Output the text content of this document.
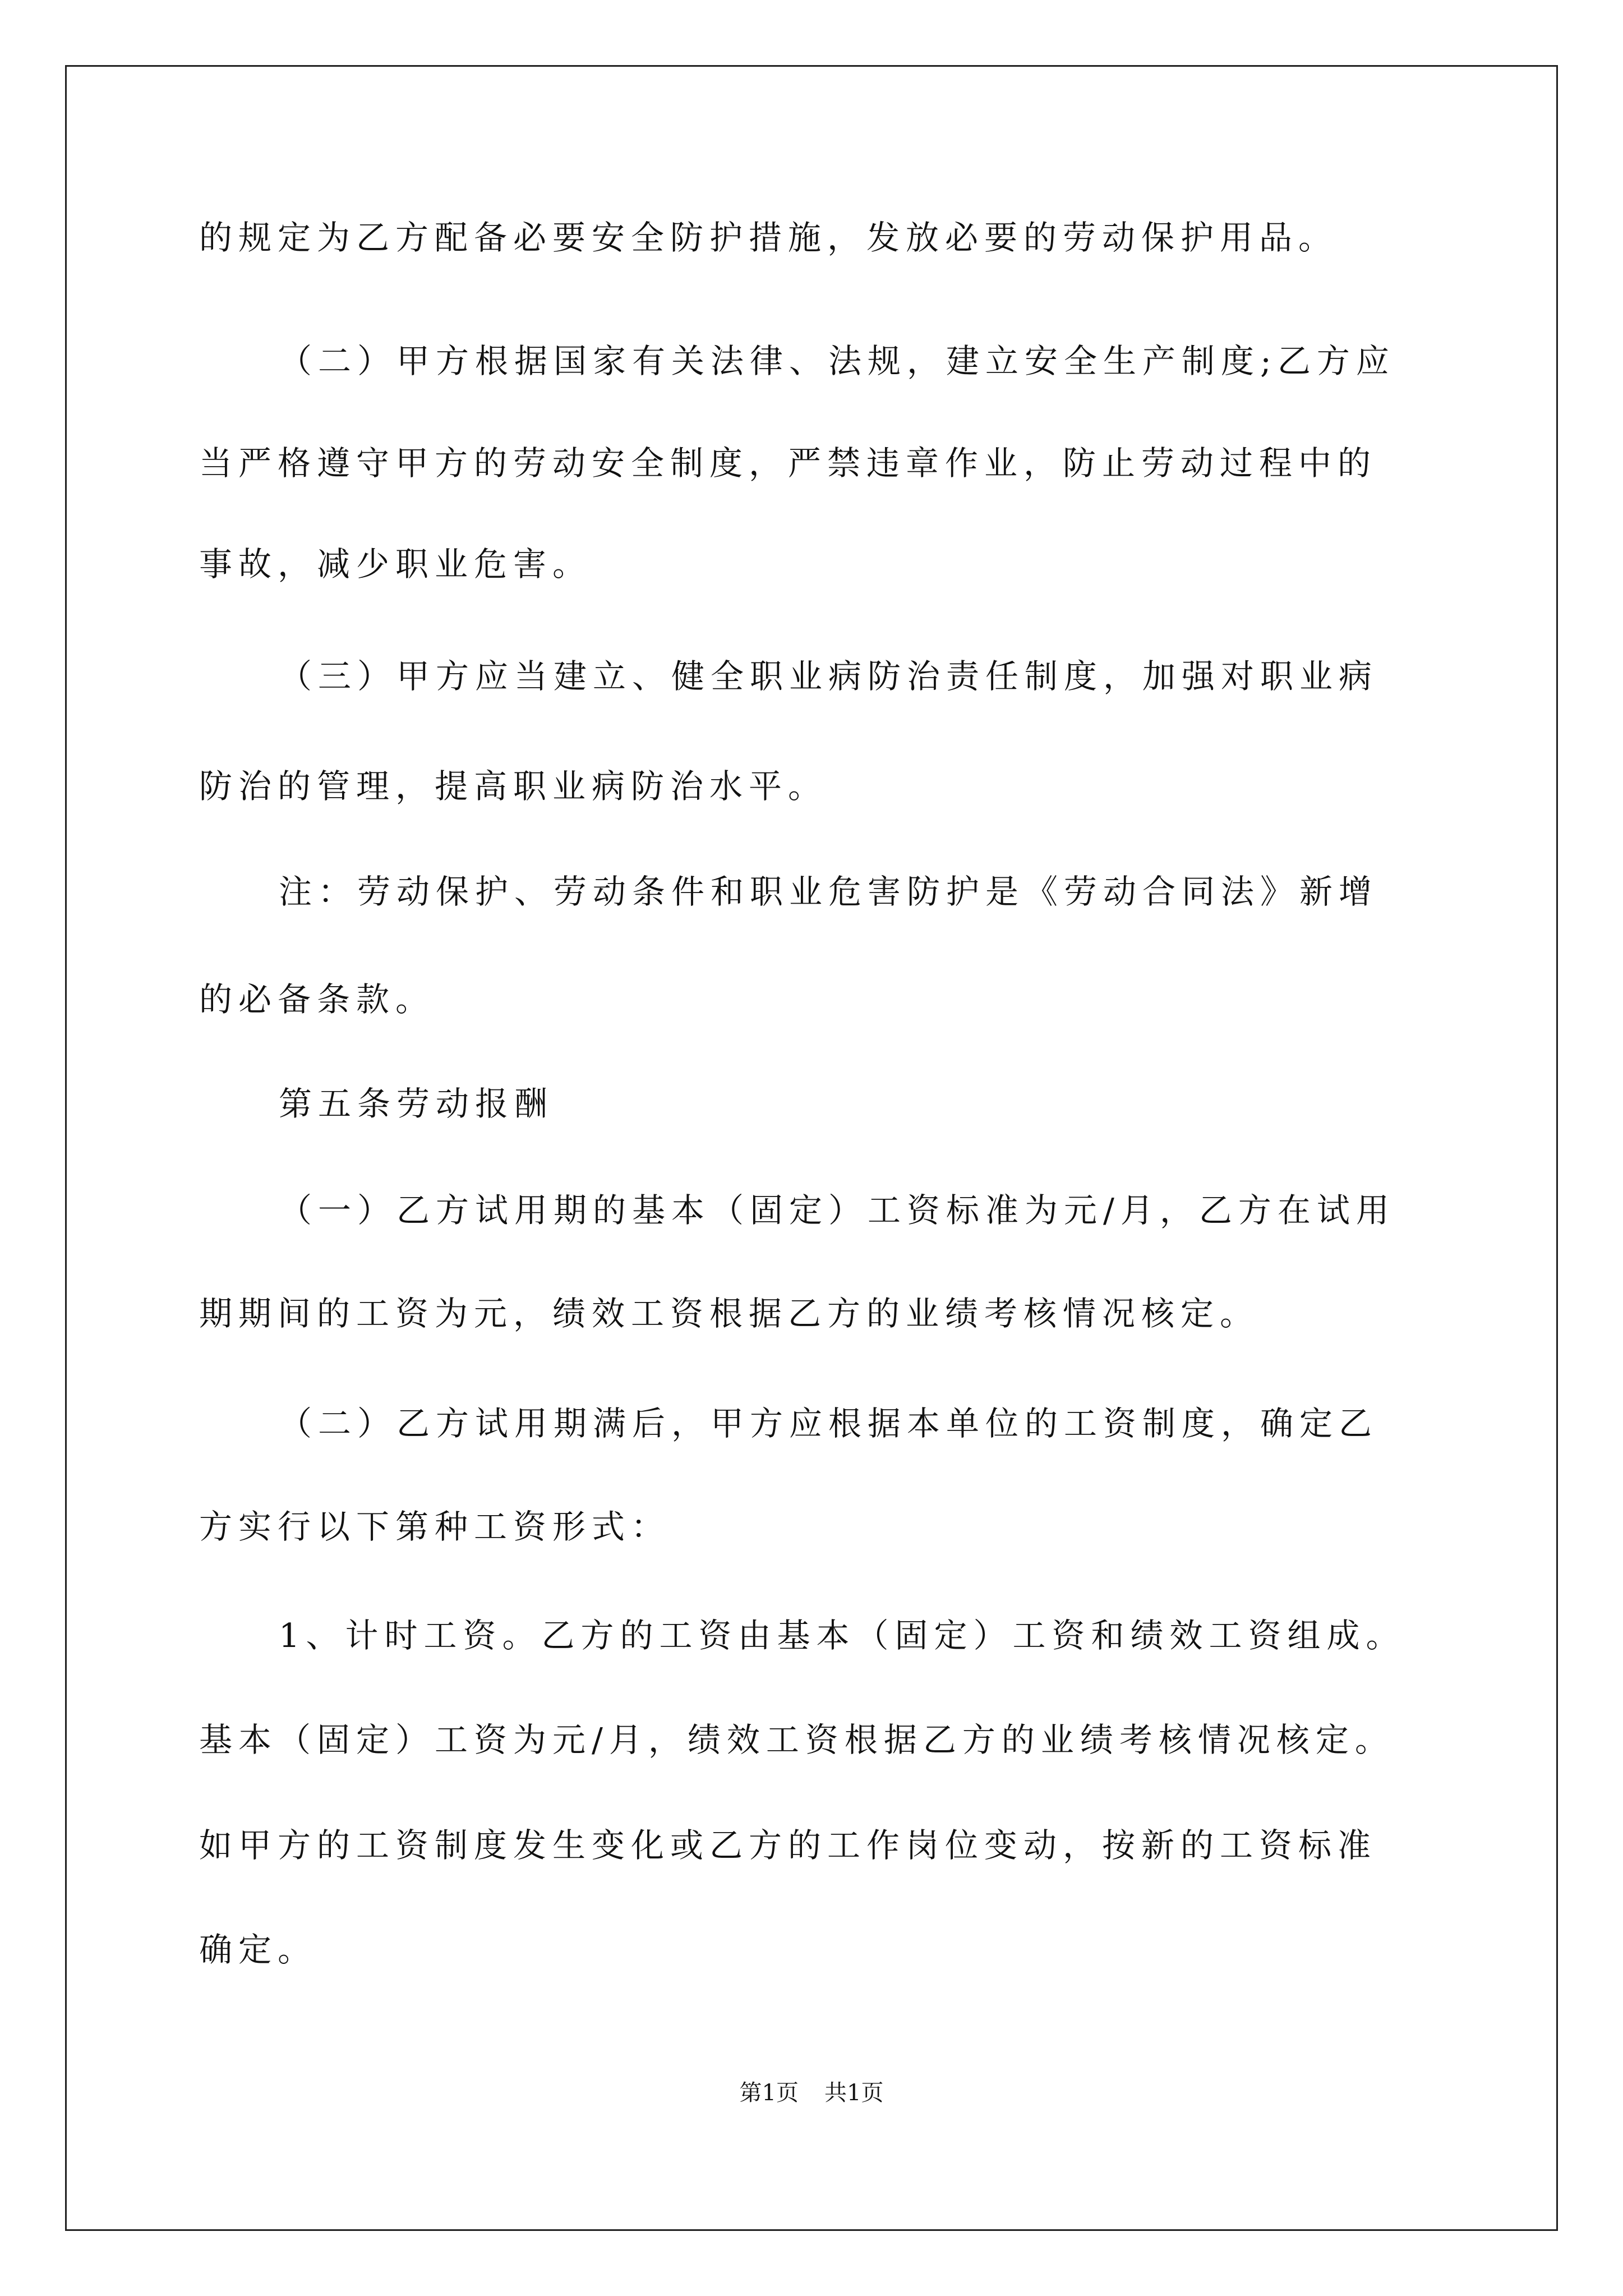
的规定为乙方配备必要安全防护措施，发放必要的劳动保护用品。
（二）甲方根据国家有关法律、法规，建立安全生产制度;乙方应
当严格遵守甲方的劳动安全制度，严禁违章作业，防止劳动过程中的
事故，减少职业危害。
（三）甲方应当建立、健全职业病防治责任制度，加强对职业病
防治的管理，提高职业病防治水平。
注：劳动保护、劳动条件和职业危害防护是《劳动合同法》新增
的必备条款。
第五条劳动报酬
（一）乙方试用期的基本（固定）工资标准为元/月，乙方在试用
期期间的工资为元，绩效工资根据乙方的业绩考核情况核定。
（二）乙方试用期满后，甲方应根据本单位的工资制度，确定乙
方实行以下第种工资形式：
1、计时工资。乙方的工资由基本（固定）工资和绩效工资组成。
基本（固定）工资为元/月，绩效工资根据乙方的业绩考核情况核定。
如甲方的工资制度发生变化或乙方的工作岗位变动，按新的工资标准
确定。
第1页 共1页
